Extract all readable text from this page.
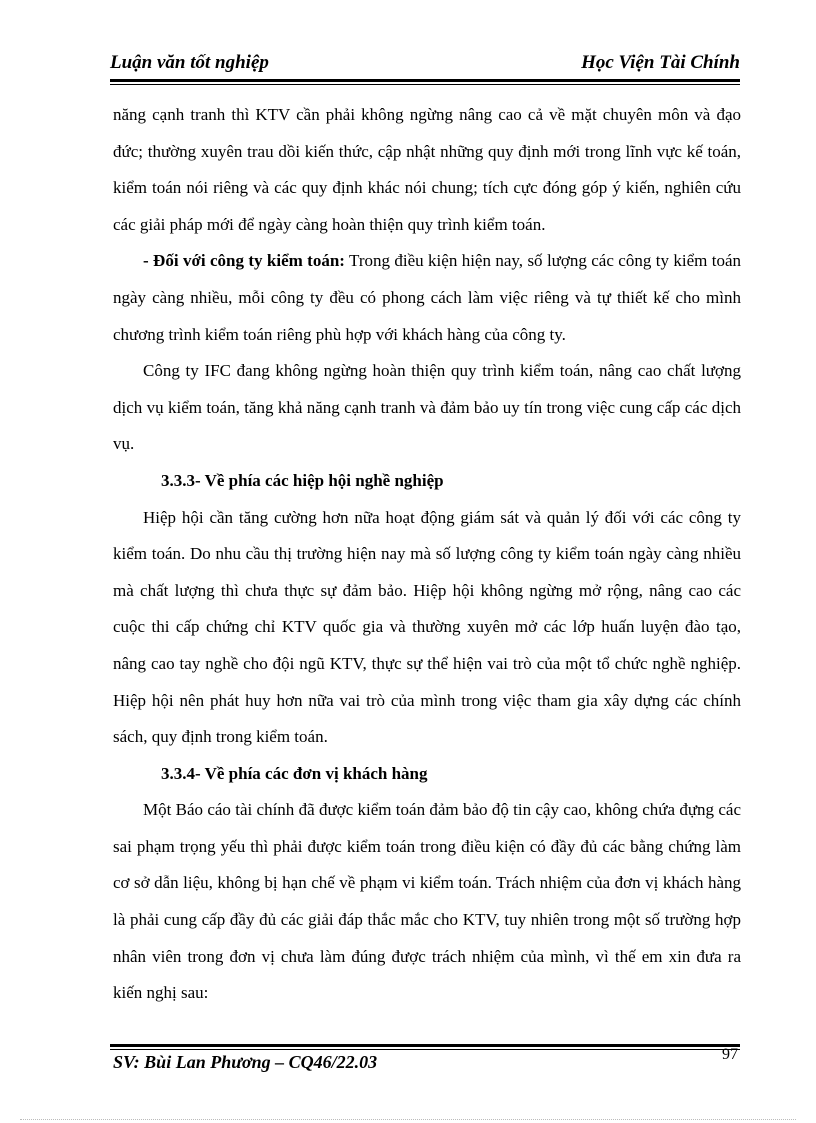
Luận văn tốt nghiệp	Học Viện Tài Chính

năng cạnh tranh thì KTV cần phải không ngừng nâng cao cả về mặt chuyên môn và đạo đức; thường xuyên trau dồi kiến thức, cập nhật những quy định mới trong lĩnh vực kế toán, kiểm toán nói riêng và các quy định khác nói chung; tích cực đóng góp ý kiến, nghiên cứu các giải pháp mới để ngày càng hoàn thiện quy trình kiểm toán.

- Đối với công ty kiểm toán: Trong điều kiện hiện nay, số lượng các công ty kiểm toán ngày càng nhiều, mỗi công ty đều có phong cách làm việc riêng và tự thiết kế cho mình chương trình kiểm toán riêng phù hợp với khách hàng của công ty.

Công ty IFC đang không ngừng hoàn thiện quy trình kiểm toán, nâng cao chất lượng dịch vụ kiểm toán, tăng khả năng cạnh tranh và đảm bảo uy tín trong việc cung cấp các dịch vụ.

3.3.3- Về phía các hiệp hội nghề nghiệp

Hiệp hội cần tăng cường hơn nữa hoạt động giám sát và quản lý đối với các công ty kiểm toán. Do nhu cầu thị trường hiện nay mà số lượng công ty kiểm toán ngày càng nhiều mà chất lượng thì chưa thực sự đảm bảo. Hiệp hội không ngừng mở rộng, nâng cao các cuộc thi cấp chứng chỉ KTV quốc gia và thường xuyên mở các lớp huấn luyện đào tạo, nâng cao tay nghề cho đội ngũ KTV, thực sự thể hiện vai trò của một tổ chức nghề nghiệp. Hiệp hội nên phát huy hơn nữa vai trò của mình trong việc tham gia xây dựng các chính sách, quy định trong kiểm toán.

3.3.4- Về phía các đơn vị khách hàng

Một Báo cáo tài chính đã được kiểm toán đảm bảo độ tin cậy cao, không chứa đựng các sai phạm trọng yếu thì phải được kiểm toán trong điều kiện có đầy đủ các bằng chứng làm cơ sở dẫn liệu, không bị hạn chế về phạm vi kiểm toán. Trách nhiệm của đơn vị khách hàng là phải cung cấp đầy đủ các giải đáp thắc mắc cho KTV, tuy nhiên trong một số trường hợp nhân viên trong đơn vị chưa làm đúng được trách nhiệm của mình, vì thế em xin đưa ra kiến nghị sau:

SV: Bùi Lan Phương – CQ46/22.03	97
